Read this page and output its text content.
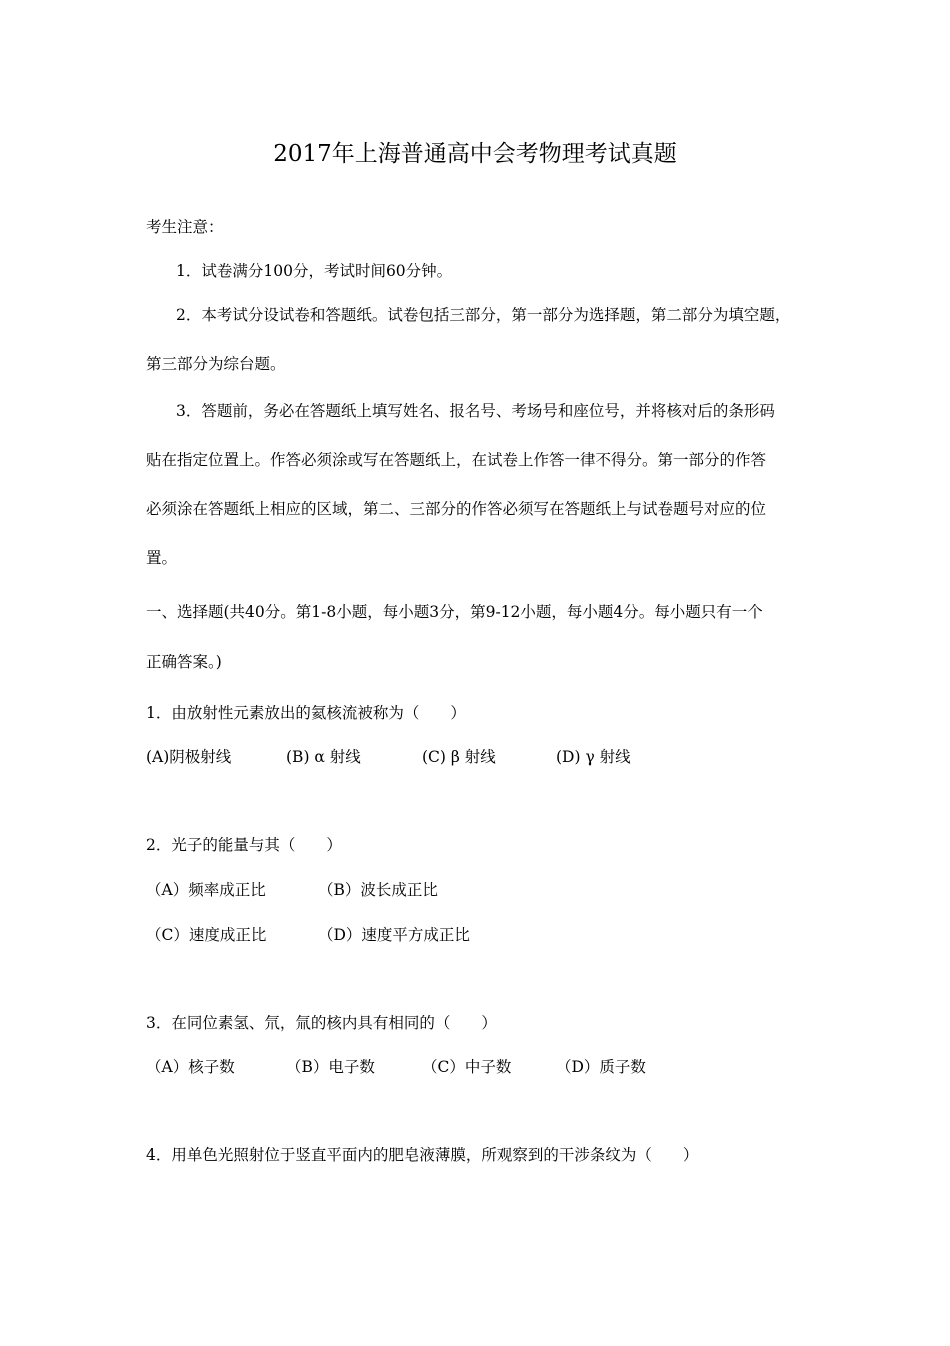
2017年上海普通高中会考物理考试真题
考生注意：
1．试卷满分100分，考试时间60分钟。
2．本考试分设试卷和答题纸。试卷包括三部分，第一部分为选择题，第二部分为填空题，
第三部分为综台题。
3．答题前，务必在答题纸上填写姓名、报名号、考场号和座位号，并将核对后的条形码
贴在指定位置上。作答必须涂或写在答题纸上，在试卷上作答一律不得分。第一部分的作答
必须涂在答题纸上相应的区域，第二、三部分的作答必须写在答题纸上与试卷题号对应的位
置。
一、选择题(共40分。第1-8小题，每小题3分，第9-12小题，每小题4分。每小题只有一个
正确答案。)
1．由放射性元素放出的氦核流被称为（　　）
(A)阴极射线	(B) α 射线	(C) β 射线	(D) γ 射线
2．光子的能量与其（　　）
（A）频率成正比	（B）波长成正比
（C）速度成正比	（D）速度平方成正比
3．在同位素氢、氘，氚的核内具有相同的（　　）
（A）核子数	（B）电子数	（C）中子数	（D）质子数
4．用单色光照射位于竖直平面内的肥皂液薄膜，所观察到的干涉条纹为（　　）
